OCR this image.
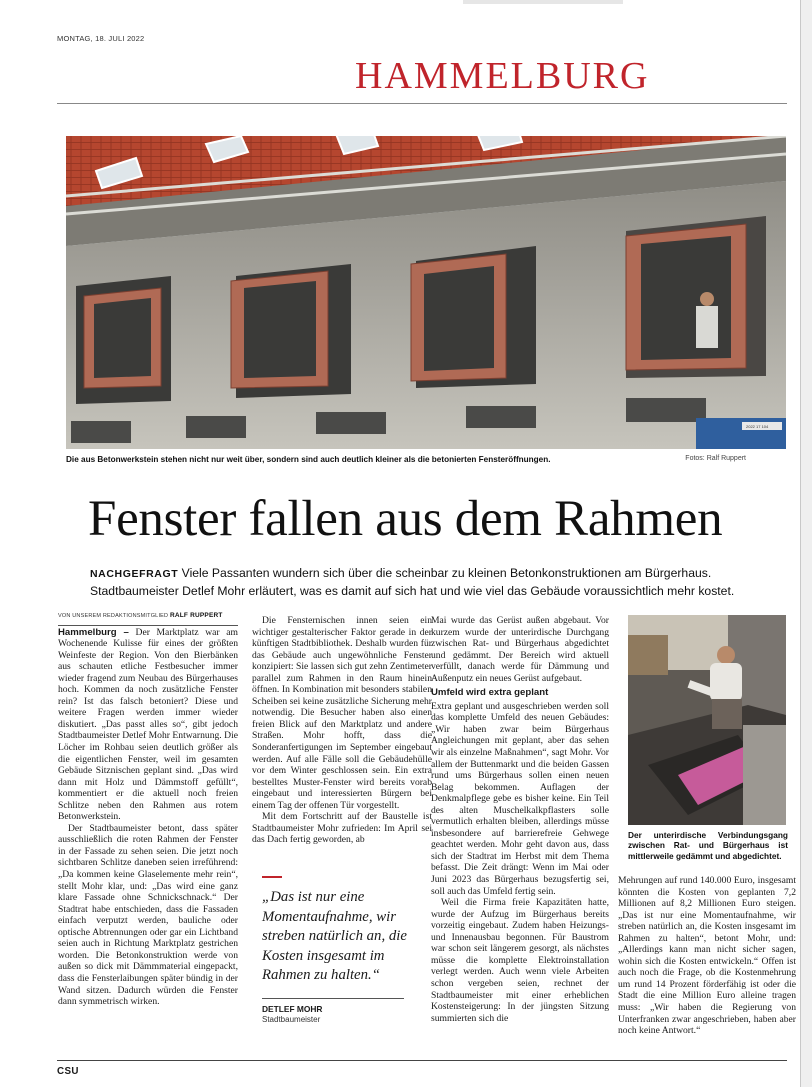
MONTAG, 18. JULI 2022
HAMMELBURG
2022 17 104
Die aus Betonwerkstein stehen nicht nur weit über, sondern sind auch deutlich kleiner als die betonierten Fensteröffnungen.	Fotos: Ralf Ruppert
Fenster fallen aus dem Rahmen
NACHGEFRAGT Viele Passanten wundern sich über die scheinbar zu kleinen Betonkonstruktionen am Bürgerhaus. Stadtbaumeister Detlef Mohr erläutert, was es damit auf sich hat und wie viel das Gebäude voraussichtlich mehr kostet.

VON UNSEREM REDAKTIONSMITGLIED RALF RUPPERT

Hammelburg – Der Marktplatz war am Wochenende Kulisse für eines der größten Weinfeste der Region. Von den Bierbänken aus schauten etliche Festbesucher immer wieder fragend zum Neubau des Bürgerhauses hoch. Kommen da noch zusätzliche Fenster rein? Ist das falsch betoniert? Diese und weitere Fragen werden immer wieder diskutiert. „Das passt alles so“, gibt jedoch Stadtbaumeister Detlef Mohr Entwarnung. Die Löcher im Rohbau seien deutlich größer als die eigentlichen Fenster, weil im gesamten Gebäude Sitznischen geplant sind. „Das wird dann mit Holz und Dämmstoff gefüllt“, kommentiert er die aktuell noch freien Schlitze neben den Rahmen aus rotem Betonwerkstein.

Der Stadtbaumeister betont, dass später ausschließlich die roten Rahmen der Fenster in der Fassade zu sehen seien. Die jetzt noch sichtbaren Schlitze daneben seien irreführend: „Da kommen keine Glaselemente mehr rein“, stellt Mohr klar, und: „Das wird eine ganz klare Fassade ohne Schnickschnack.“ Der Stadtrat habe entschieden, dass die Fassaden einfach verputzt werden, bauliche oder optische Abtrennungen oder gar ein Lichtband seien auch in Richtung Marktplatz gestrichen worden. Die Betonkonstruktion werde von außen so dick mit Dämmmaterial eingepackt, dass die Fensterlaibungen später bündig in der Wand sitzen. Dadurch würden die Fenster dann symmetrisch wirken.

Die Fensternischen innen seien ein wichtiger gestalterischer Faktor gerade in der künftigen Stadtbibliothek. Deshalb wurden für das Gebäude auch ungewöhnliche Fenster konzipiert: Sie lassen sich gut zehn Zentimeter parallel zum Rahmen in den Raum hinein öffnen. In Kombination mit besonders stabilen Scheiben sei keine zusätzliche Sicherung mehr notwendig. Die Besucher haben also einen freien Blick auf den Marktplatz und andere Straßen. Mohr hofft, dass die Sonderanfertigungen im September eingebaut werden. Auf alle Fälle soll die Gebäudehülle vor dem Winter geschlossen sein. Ein extra bestelltes Muster-Fenster wird bereits vorab eingebaut und interessierten Bürgern bei einem Tag der offenen Tür vorgestellt.

Mit dem Fortschritt auf der Baustelle ist Stadtbaumeister Mohr zufrieden: Im April sei das Dach fertig geworden, ab

„Das ist nur eine Momentaufnahme, wir streben natürlich an, die Kosten insgesamt im Rahmen zu halten.“
DETLEF MOHR
Stadtbaumeister

Mai wurde das Gerüst außen abgebaut. Vor kurzem wurde der unterirdische Durchgang zwischen Rat- und Bürgerhaus abgedichtet und gedämmt. Der Bereich wird aktuell verfüllt, danach werde für Dämmung und Außenputz ein neues Gerüst aufgebaut.

Umfeld wird extra geplant

Extra geplant und ausgeschrieben werden soll das komplette Umfeld des neuen Gebäudes: „Wir haben zwar beim Bürgerhaus Angleichungen mit geplant, aber das sehen wir als einzelne Maßnahmen“, sagt Mohr. Vor allem der Buttenmarkt und die beiden Gassen rund ums Bürgerhaus sollen einen neuen Belag bekommen. Auflagen der Denkmalpflege gebe es bisher keine. Ein Teil des alten Muschelkalkpflasters solle vermutlich erhalten bleiben, allerdings müsse insbesondere auf barrierefreie Gehwege geachtet werden. Mohr geht davon aus, dass sich der Stadtrat im Herbst mit dem Thema befasst. Die Zeit drängt: Wenn im Mai oder Juni 2023 das Bürgerhaus bezugsfertig sei, soll auch das Umfeld fertig sein.

Weil die Firma freie Kapazitäten hatte, wurde der Aufzug im Bürgerhaus bereits vorzeitig eingebaut. Zudem haben Heizungs- und Innenausbau begonnen. Für Baustrom war schon seit längerem gesorgt, als nächstes müsse die komplette Elektroinstallation verlegt werden. Auch wenn viele Arbeiten schon vergeben seien, rechnet der Stadtbaumeister mit einer erheblichen Kostensteigerung: In der jüngsten Sitzung summierten sich die

Der unterirdische Verbindungsgang zwischen Rat- und Bürgerhaus ist mittlerweile gedämmt und abgedichtet.

Mehrungen auf rund 140.000 Euro, insgesamt könnten die Kosten von geplanten 7,2 Millionen auf 8,2 Millionen Euro steigen. „Das ist nur eine Momentaufnahme, wir streben natürlich an, die Kosten insgesamt im Rahmen zu halten“, betont Mohr, und: „Allerdings kann man nicht sicher sagen, wohin sich die Kosten entwickeln.“ Offen ist auch noch die Frage, ob die Kostenmehrung um rund 14 Prozent förderfähig ist oder die Stadt die eine Million Euro alleine tragen muss: „Wir haben die Regierung von Unterfranken zwar angeschrieben, haben aber noch keine Antwort.“

CSU
